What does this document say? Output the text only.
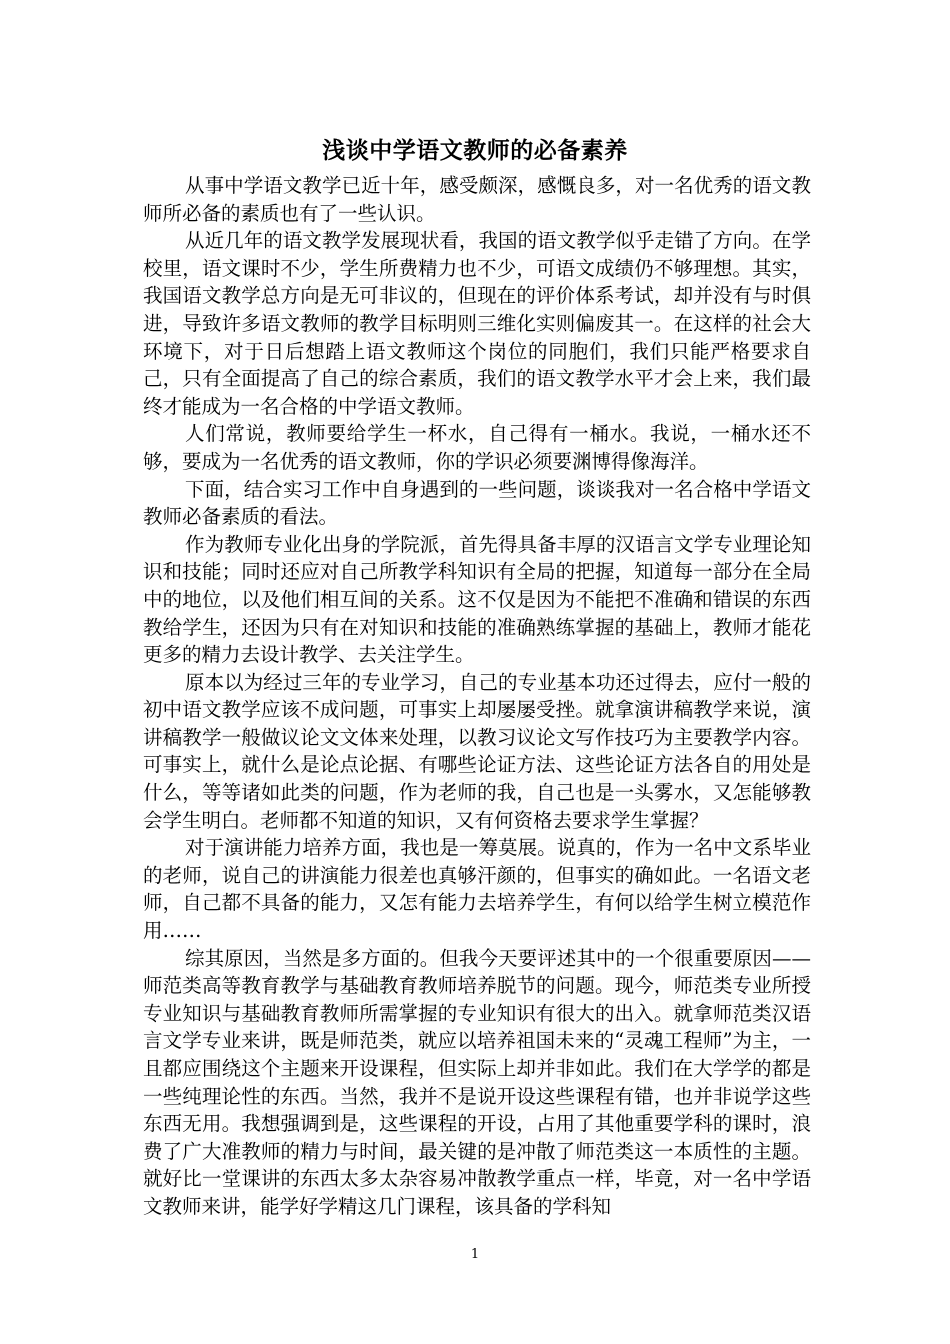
浅谈中学语文教师的必备素养

从事中学语文教学已近十年，感受颇深，感慨良多，对一名优秀的语文教师所必备的素质也有了一些认识。

从近几年的语文教学发展现状看，我国的语文教学似乎走错了方向。在学校里，语文课时不少，学生所费精力也不少，可语文成绩仍不够理想。其实，我国语文教学总方向是无可非议的，但现在的评价体系考试，却并没有与时俱进，导致许多语文教师的教学目标明则三维化实则偏废其一。在这样的社会大环境下，对于日后想踏上语文教师这个岗位的同胞们，我们只能严格要求自己，只有全面提高了自己的综合素质，我们的语文教学水平才会上来，我们最终才能成为一名合格的中学语文教师。

人们常说，教师要给学生一杯水，自己得有一桶水。我说，一桶水还不够，要成为一名优秀的语文教师，你的学识必须要渊博得像海洋。

下面，结合实习工作中自身遇到的一些问题，谈谈我对一名合格中学语文教师必备素质的看法。

作为教师专业化出身的学院派，首先得具备丰厚的汉语言文学专业理论知识和技能；同时还应对自己所教学科知识有全局的把握，知道每一部分在全局中的地位，以及他们相互间的关系。这不仅是因为不能把不准确和错误的东西教给学生，还因为只有在对知识和技能的准确熟练掌握的基础上，教师才能花更多的精力去设计教学、去关注学生。

原本以为经过三年的专业学习，自己的专业基本功还过得去，应付一般的初中语文教学应该不成问题，可事实上却屡屡受挫。就拿演讲稿教学来说，演讲稿教学一般做议论文文体来处理，以教习议论文写作技巧为主要教学内容。可事实上，就什么是论点论据、有哪些论证方法、这些论证方法各自的用处是什么，等等诸如此类的问题，作为老师的我，自己也是一头雾水，又怎能够教会学生明白。老师都不知道的知识，又有何资格去要求学生掌握？

对于演讲能力培养方面，我也是一筹莫展。说真的，作为一名中文系毕业的老师，说自己的讲演能力很差也真够汗颜的，但事实的确如此。一名语文老师，自己都不具备的能力，又怎有能力去培养学生，有何以给学生树立模范作用……

综其原因，当然是多方面的。但我今天要评述其中的一个很重要原因——师范类高等教育教学与基础教育教师培养脱节的问题。现今，师范类专业所授专业知识与基础教育教师所需掌握的专业知识有很大的出入。就拿师范类汉语言文学专业来讲，既是师范类，就应以培养祖国未来的“灵魂工程师”为主，一且都应围绕这个主题来开设课程，但实际上却并非如此。我们在大学学的都是一些纯理论性的东西。当然，我并不是说开设这些课程有错，也并非说学这些东西无用。我想强调到是，这些课程的开设，占用了其他重要学科的课时，浪费了广大准教师的精力与时间，最关键的是冲散了师范类这一本质性的主题。就好比一堂课讲的东西太多太杂容易冲散教学重点一样，毕竟，对一名中学语文教师来讲，能学好学精这几门课程，该具备的学科知

1
